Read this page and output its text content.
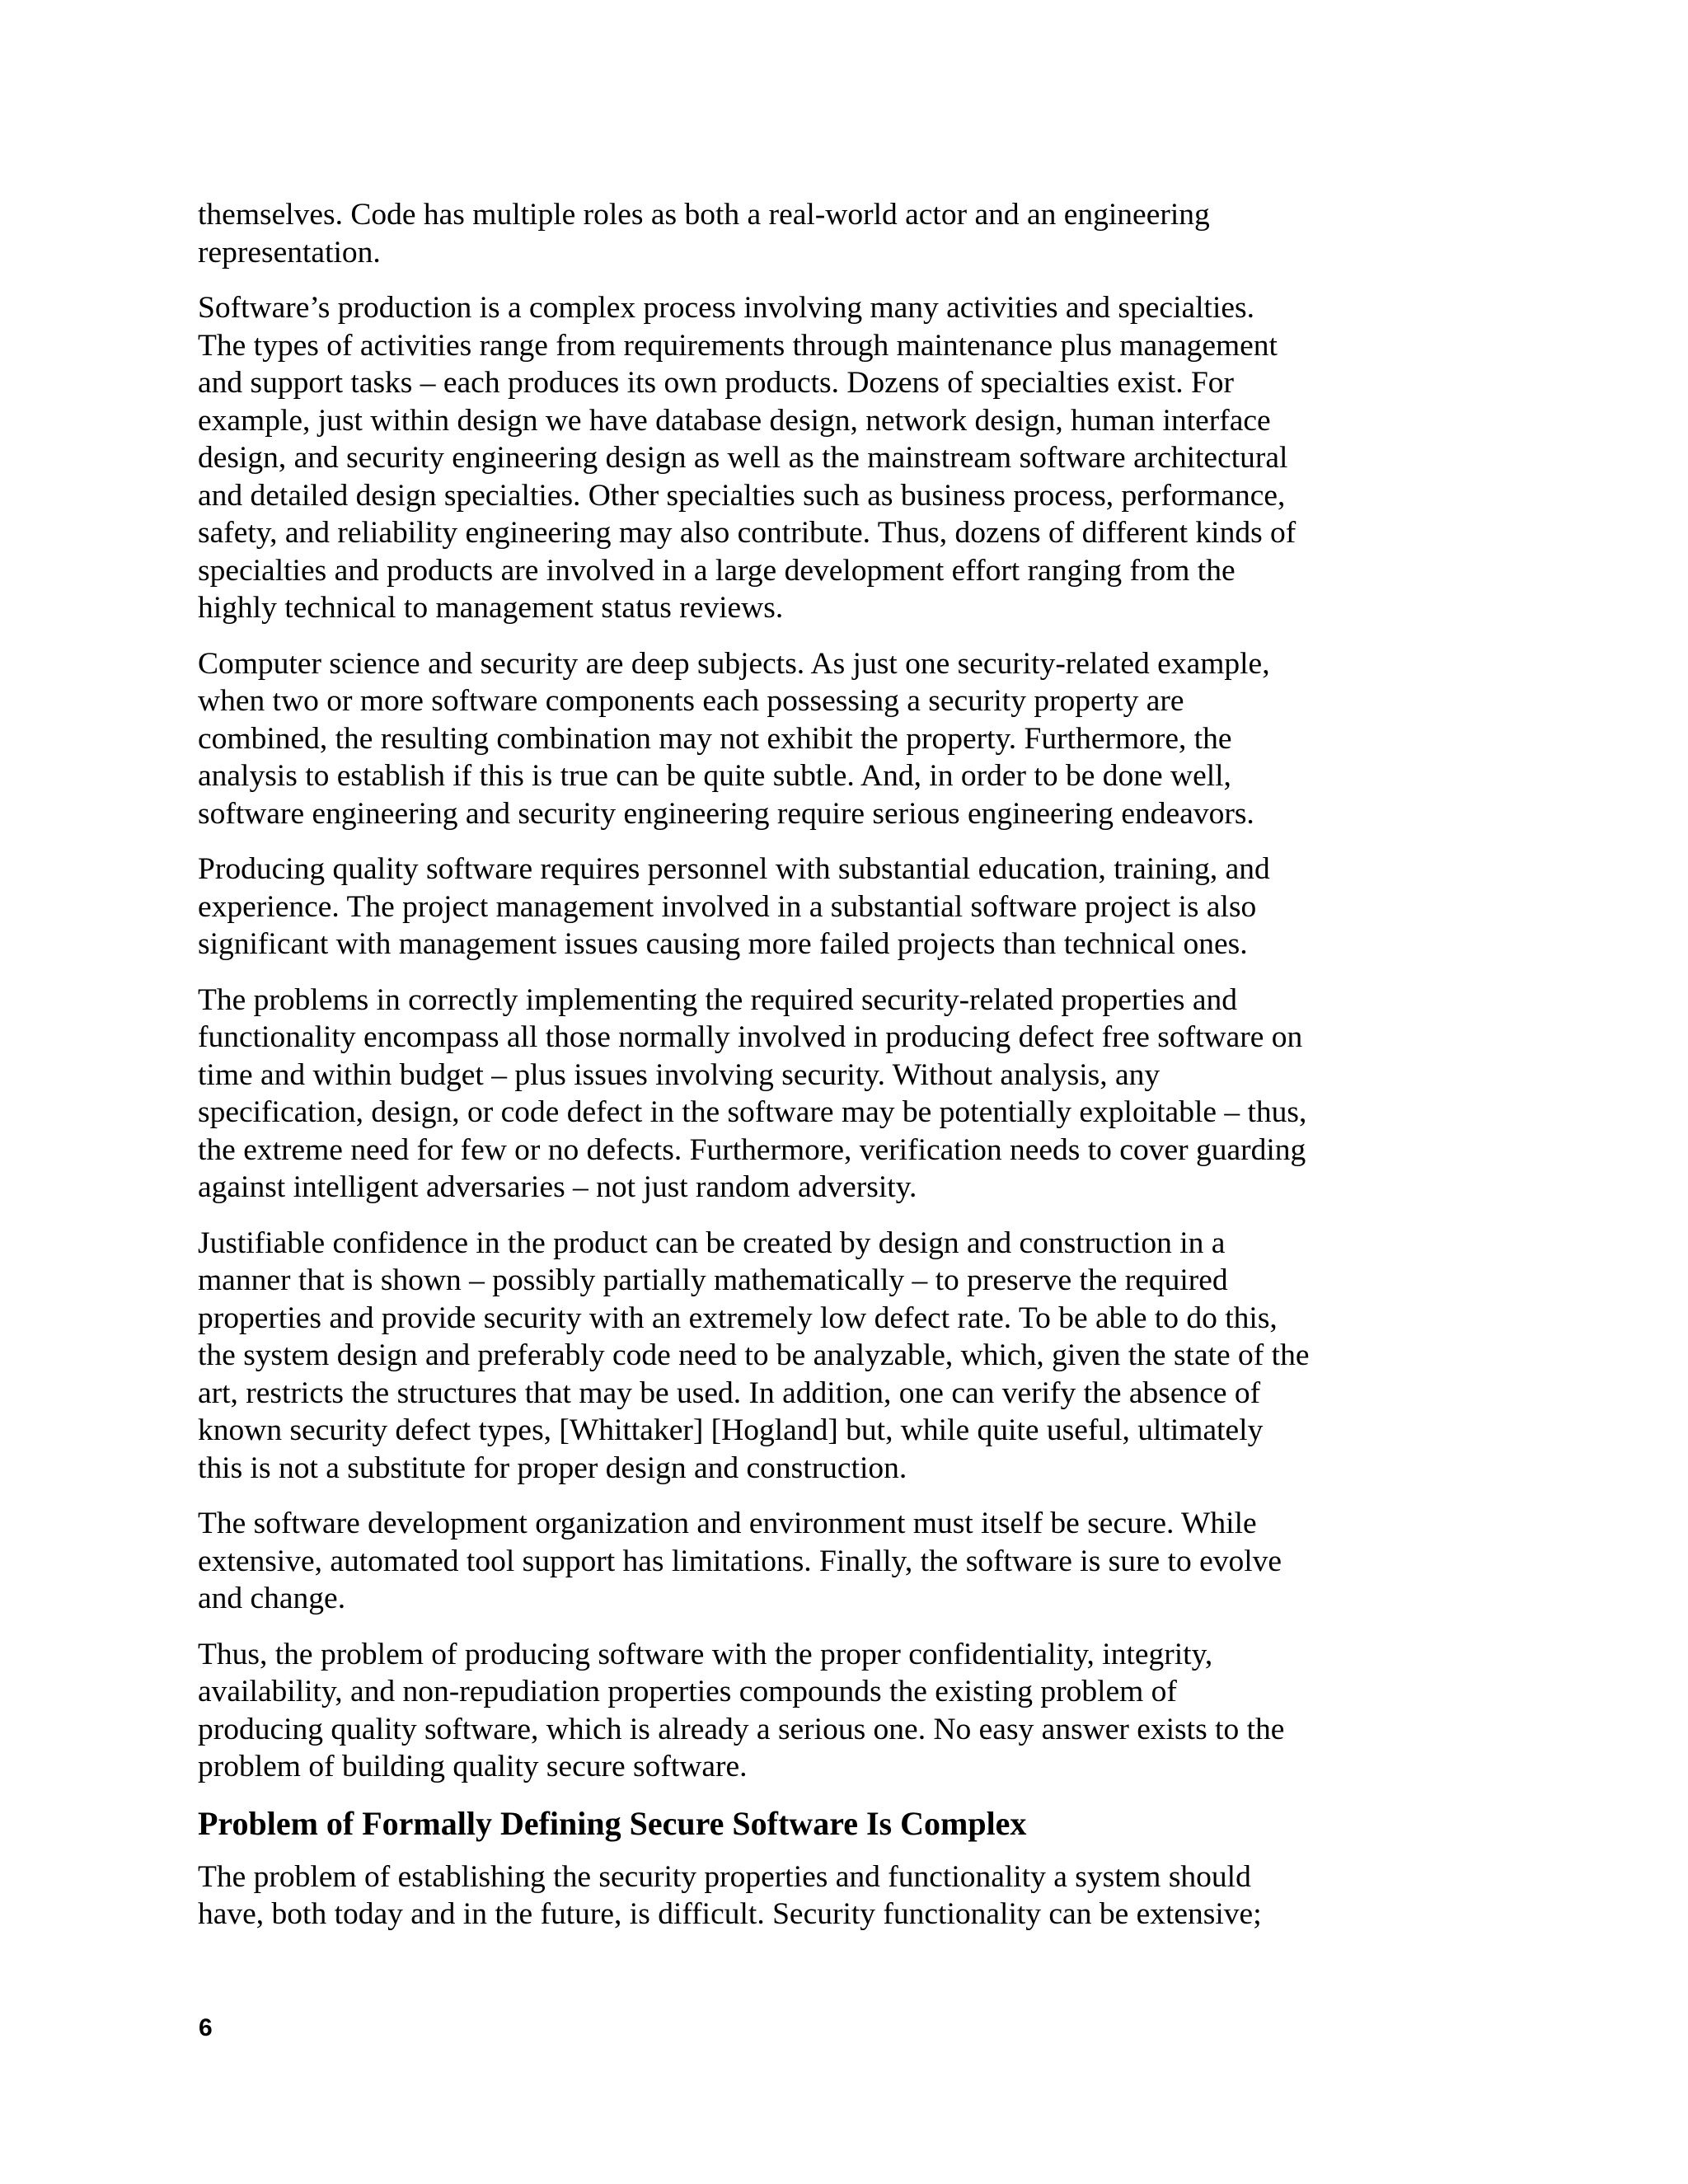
themselves. Code has multiple roles as both a real-world actor and an engineering
representation.

Software’s production is a complex process involving many activities and specialties.
The types of activities range from requirements through maintenance plus management
and support tasks – each produces its own products. Dozens of specialties exist. For
example, just within design we have database design, network design, human interface
design, and security engineering design as well as the mainstream software architectural
and detailed design specialties. Other specialties such as business process, performance,
safety, and reliability engineering may also contribute. Thus, dozens of different kinds of
specialties and products are involved in a large development effort ranging from the
highly technical to management status reviews.

Computer science and security are deep subjects. As just one security-related example,
when two or more software components each possessing a security property are
combined, the resulting combination may not exhibit the property. Furthermore, the
analysis to establish if this is true can be quite subtle. And, in order to be done well,
software engineering and security engineering require serious engineering endeavors.

Producing quality software requires personnel with substantial education, training, and
experience. The project management involved in a substantial software project is also
significant with management issues causing more failed projects than technical ones.

The problems in correctly implementing the required security-related properties and
functionality encompass all those normally involved in producing defect free software on
time and within budget – plus issues involving security. Without analysis, any
specification, design, or code defect in the software may be potentially exploitable – thus,
the extreme need for few or no defects. Furthermore, verification needs to cover guarding
against intelligent adversaries – not just random adversity.

Justifiable confidence in the product can be created by design and construction in a
manner that is shown – possibly partially mathematically – to preserve the required
properties and provide security with an extremely low defect rate. To be able to do this,
the system design and preferably code need to be analyzable, which, given the state of the
art, restricts the structures that may be used. In addition, one can verify the absence of
known security defect types, [Whittaker] [Hogland] but, while quite useful, ultimately
this is not a substitute for proper design and construction.

The software development organization and environment must itself be secure. While
extensive, automated tool support has limitations. Finally, the software is sure to evolve
and change.

Thus, the problem of producing software with the proper confidentiality, integrity,
availability, and non-repudiation properties compounds the existing problem of
producing quality software, which is already a serious one. No easy answer exists to the
problem of building quality secure software.

Problem of Formally Defining Secure Software Is Complex

The problem of establishing the security properties and functionality a system should
have, both today and in the future, is difficult. Security functionality can be extensive;

6
